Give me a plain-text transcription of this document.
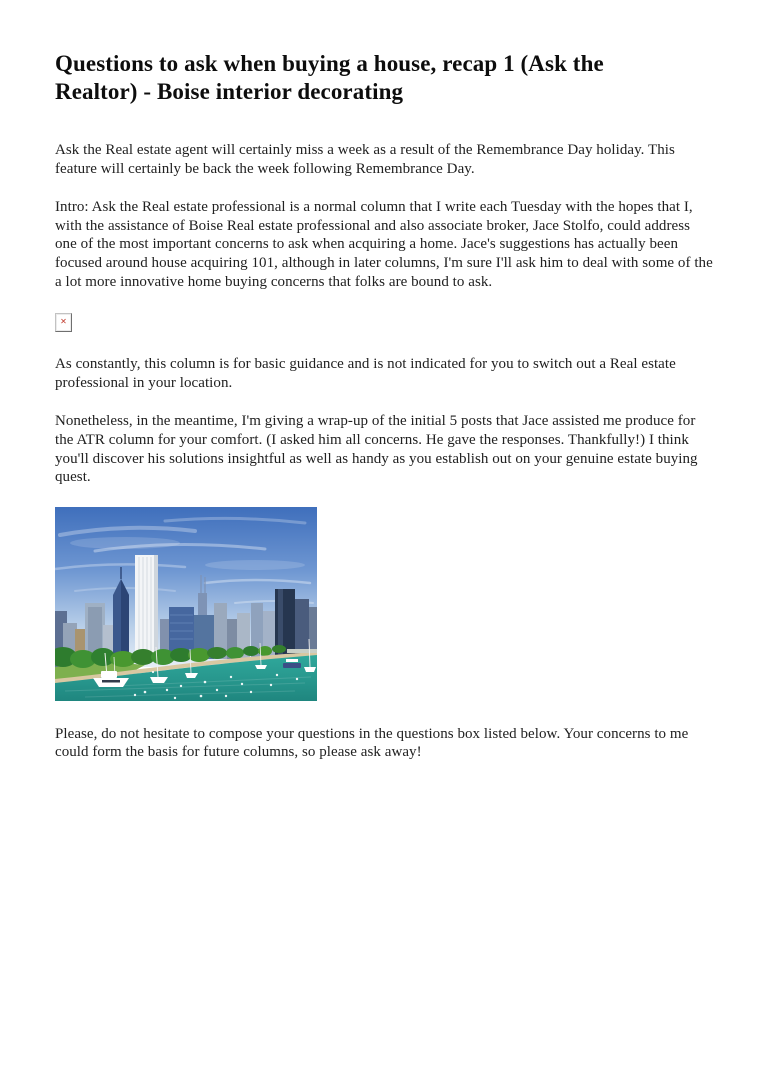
Questions to ask when buying a house, recap 1 (Ask the Realtor) - Boise interior decorating

Ask the Real estate agent will certainly miss a week as a result of the Remembrance Day holiday. This feature will certainly be back the week following Remembrance Day.

Intro: Ask the Real estate professional is a normal column that I write each Tuesday with the hopes that I, with the assistance of Boise Real estate professional and also associate broker, Jace Stolfo, could address one of the most important concerns to ask when acquiring a home. Jace's suggestions has actually been focused around house acquiring 101, although in later columns, I'm sure I'll ask him to deal with some of the a lot more innovative home buying concerns that folks are bound to ask.

✕

As constantly, this column is for basic guidance and is not indicated for you to switch out a Real estate professional in your location.

Nonetheless, in the meantime, I'm giving a wrap-up of the initial 5 posts that Jace assisted me produce for the ATR column for your comfort. (I asked him all concerns. He gave the responses. Thankfully!) I think you'll discover his solutions insightful as well as handy as you establish out on your genuine estate buying quest.

Please, do not hesitate to compose your questions in the questions box listed below. Your concerns to me could form the basis for future columns, so please ask away!
